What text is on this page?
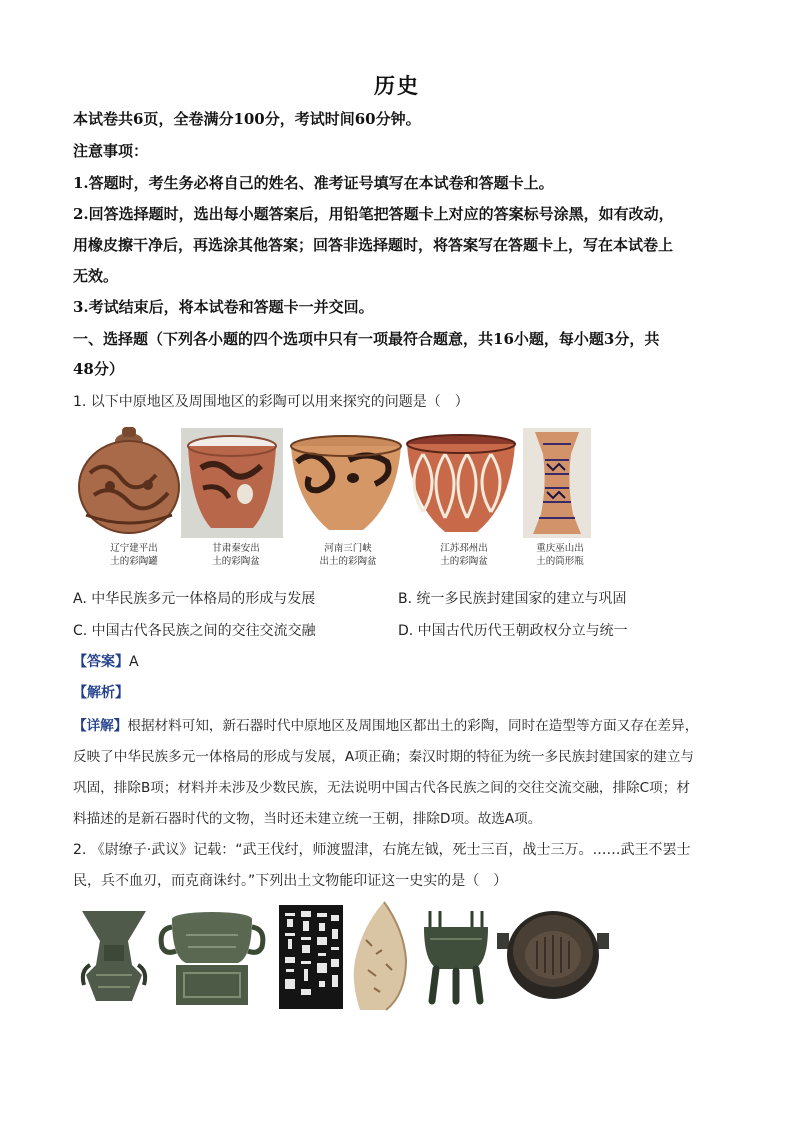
历史
本试卷共6页，全卷满分100分，考试时间60分钟。
注意事项：
1.答题时，考生务必将自己的姓名、准考证号填写在本试卷和答题卡上。
2.回答选择题时，选出每小题答案后，用铅笔把答题卡上对应的答案标号涂黑，如有改动，
用橡皮擦干净后，再选涂其他答案；回答非选择题时，将答案写在答题卡上，写在本试卷上
无效。
3.考试结束后，将本试卷和答题卡一并交回。
一、选择题（下列各小题的四个选项中只有一项最符合题意，共16小题，每小题3分，共
48分）
1. 以下中原地区及周围地区的彩陶可以用来探究的问题是（　）
辽宁建平出
土的彩陶罐
甘肃秦安出
土的彩陶盆
河南三门峡
出土的彩陶盆
江苏邳州出
土的彩陶盆
重庆巫山出
土的筒形瓶
A. 中华民族多元一体格局的形成与发展	B. 统一多民族封建国家的建立与巩固
C. 中国古代各民族之间的交往交流交融	D. 中国古代历代王朝政权分立与统一
【答案】A
【解析】
【详解】根据材料可知，新石器时代中原地区及周围地区都出土的彩陶，同时在造型等方面又存在差异，
反映了中华民族多元一体格局的形成与发展，A项正确；秦汉时期的特征为统一多民族封建国家的建立与
巩固，排除B项；材料并未涉及少数民族，无法说明中国古代各民族之间的交往交流交融，排除C项；材
料描述的是新石器时代的文物，当时还未建立统一王朝，排除D项。故选A项。
2. 《尉缭子·武议》记载：“武王伐纣，师渡盟津，右旄左钺，死士三百，战士三万。……武王不罢士
民，兵不血刃，而克商诛纣。”下列出土文物能印证这一史实的是（　）
